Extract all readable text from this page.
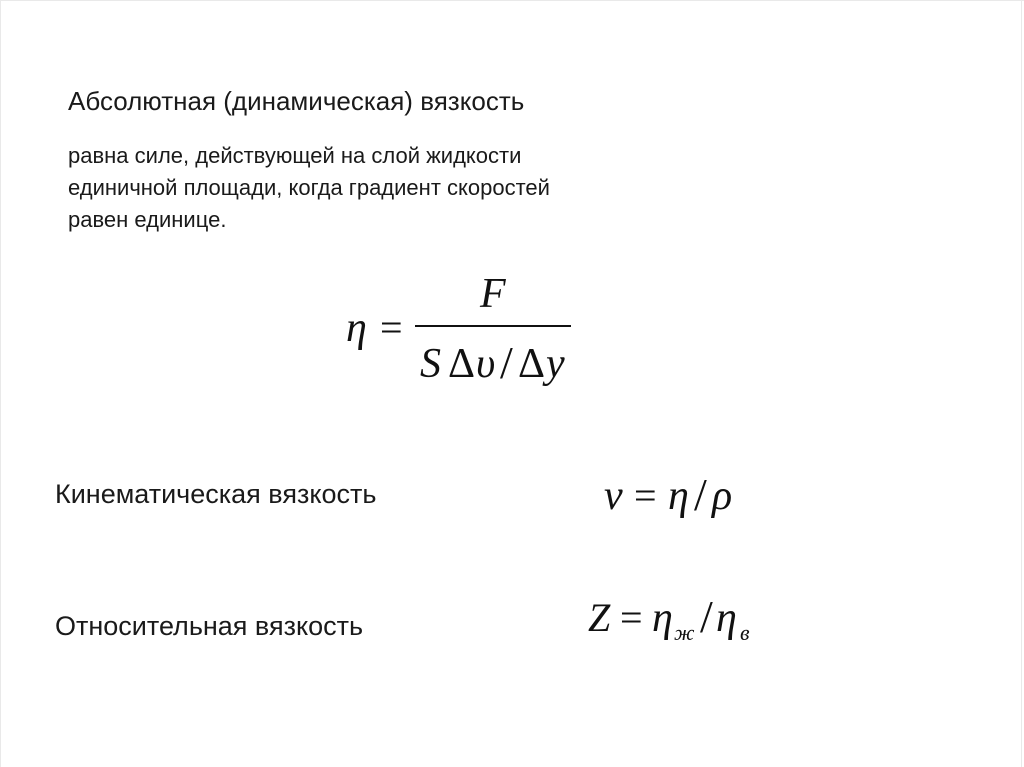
Абсолютная (динамическая) вязкость
равна силе, действующей на слой жидкости
единичной площади, когда градиент скоростей
равен единице.
η =
F
S Δ υ / Δ y
Кинематическая вязкость	ν = η / ρ
Относительная вязкость	Z = η ж / η в
